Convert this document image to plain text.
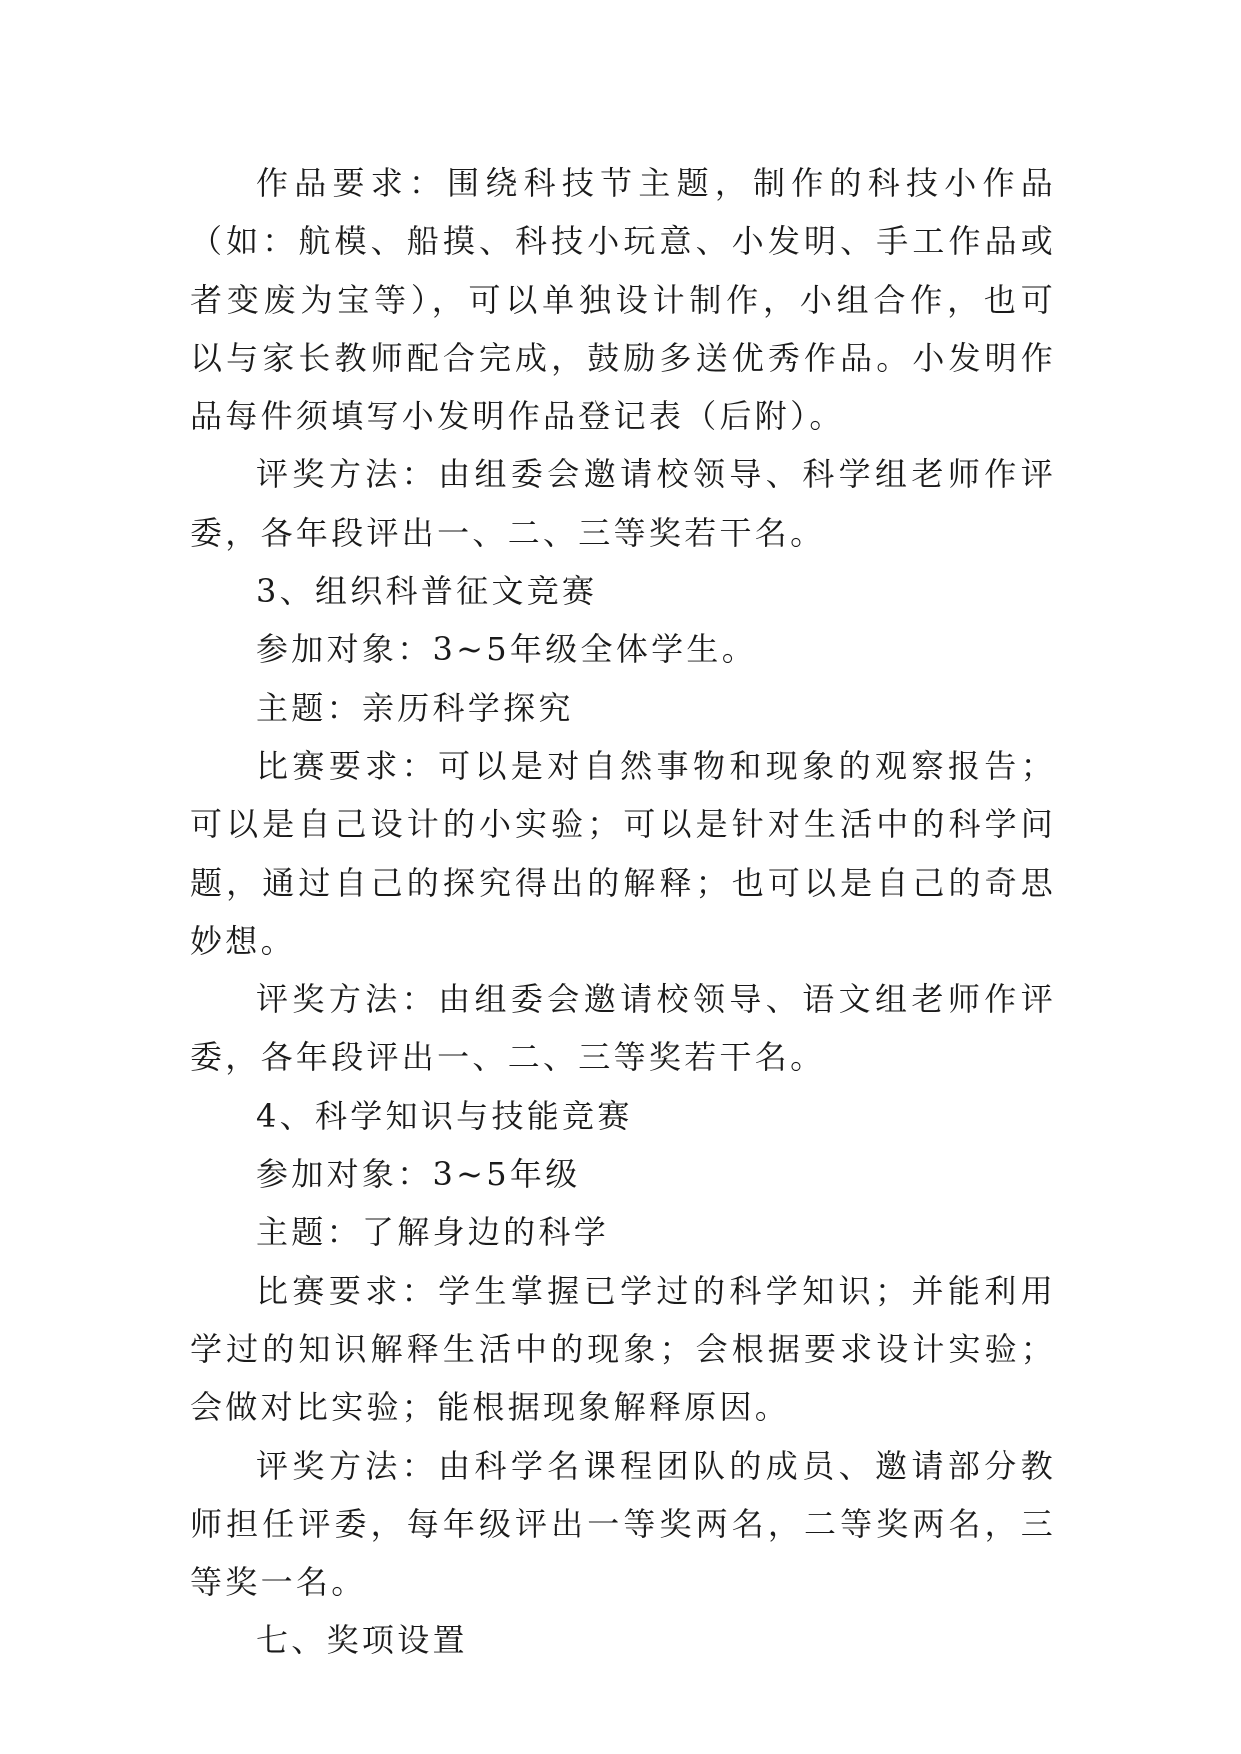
作品要求：围绕科技节主题，制作的科技小作品（如：航模、船摸、科技小玩意、小发明、手工作品或者变废为宝等），可以单独设计制作，小组合作，也可以与家长教师配合完成，鼓励多送优秀作品。小发明作品每件须填写小发明作品登记表（后附）。

评奖方法：由组委会邀请校领导、科学组老师作评委，各年段评出一、二、三等奖若干名。

3、组织科普征文竞赛

参加对象：3~5年级全体学生。

主题：亲历科学探究

比赛要求：可以是对自然事物和现象的观察报告；可以是自己设计的小实验；可以是针对生活中的科学问题，通过自己的探究得出的解释；也可以是自己的奇思妙想。

评奖方法：由组委会邀请校领导、语文组老师作评委，各年段评出一、二、三等奖若干名。

4、科学知识与技能竞赛

参加对象：3~5年级

主题：了解身边的科学

比赛要求：学生掌握已学过的科学知识；并能利用学过的知识解释生活中的现象；会根据要求设计实验；会做对比实验；能根据现象解释原因。

评奖方法：由科学名课程团队的成员、邀请部分教师担任评委，每年级评出一等奖两名，二等奖两名，三等奖一名。

七、奖项设置
